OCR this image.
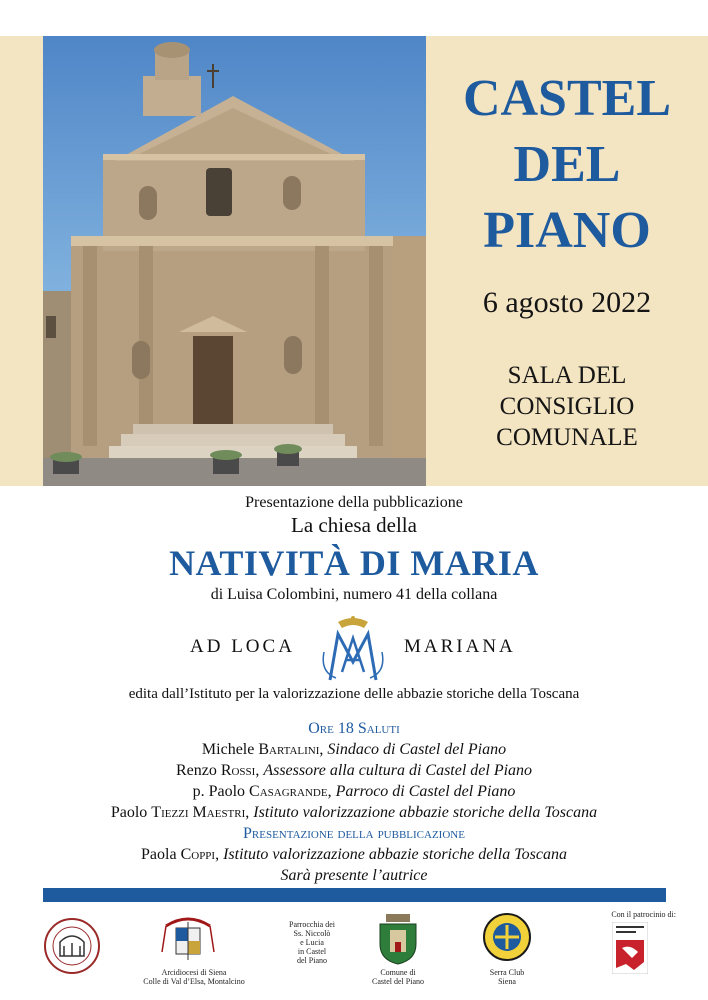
CASTEL
DEL
PIANO
6 agosto 2022
SALA DEL
CONSIGLIO
COMUNALE
Presentazione della pubblicazione
La chiesa della
NATIVITÀ DI MARIA
di Luisa Colombini, numero 41 della collana
AD LOCA	MARIANA
edita dall’Istituto per la valorizzazione delle abbazie storiche della Toscana
Ore 18 Saluti
Michele Bartalini, Sindaco di Castel del Piano
Renzo Rossi, Assessore alla cultura di Castel del Piano
p. Paolo Casagrande, Parroco di Castel del Piano
Paolo Tiezzi Maestri, Istituto valorizzazione abbazie storiche della Toscana
Presentazione della pubblicazione
Paola Coppi, Istituto valorizzazione abbazie storiche della Toscana
Sarà presente l’autrice
Arcidiocesi di Siena
Colle di Val d’Elsa, Montalcino
Parrocchia dei
Ss. Niccolò
e Lucia
in Castel
del Piano
Comune di
Castel del Piano
Serra Club
Siena
Con il patrocinio di:
